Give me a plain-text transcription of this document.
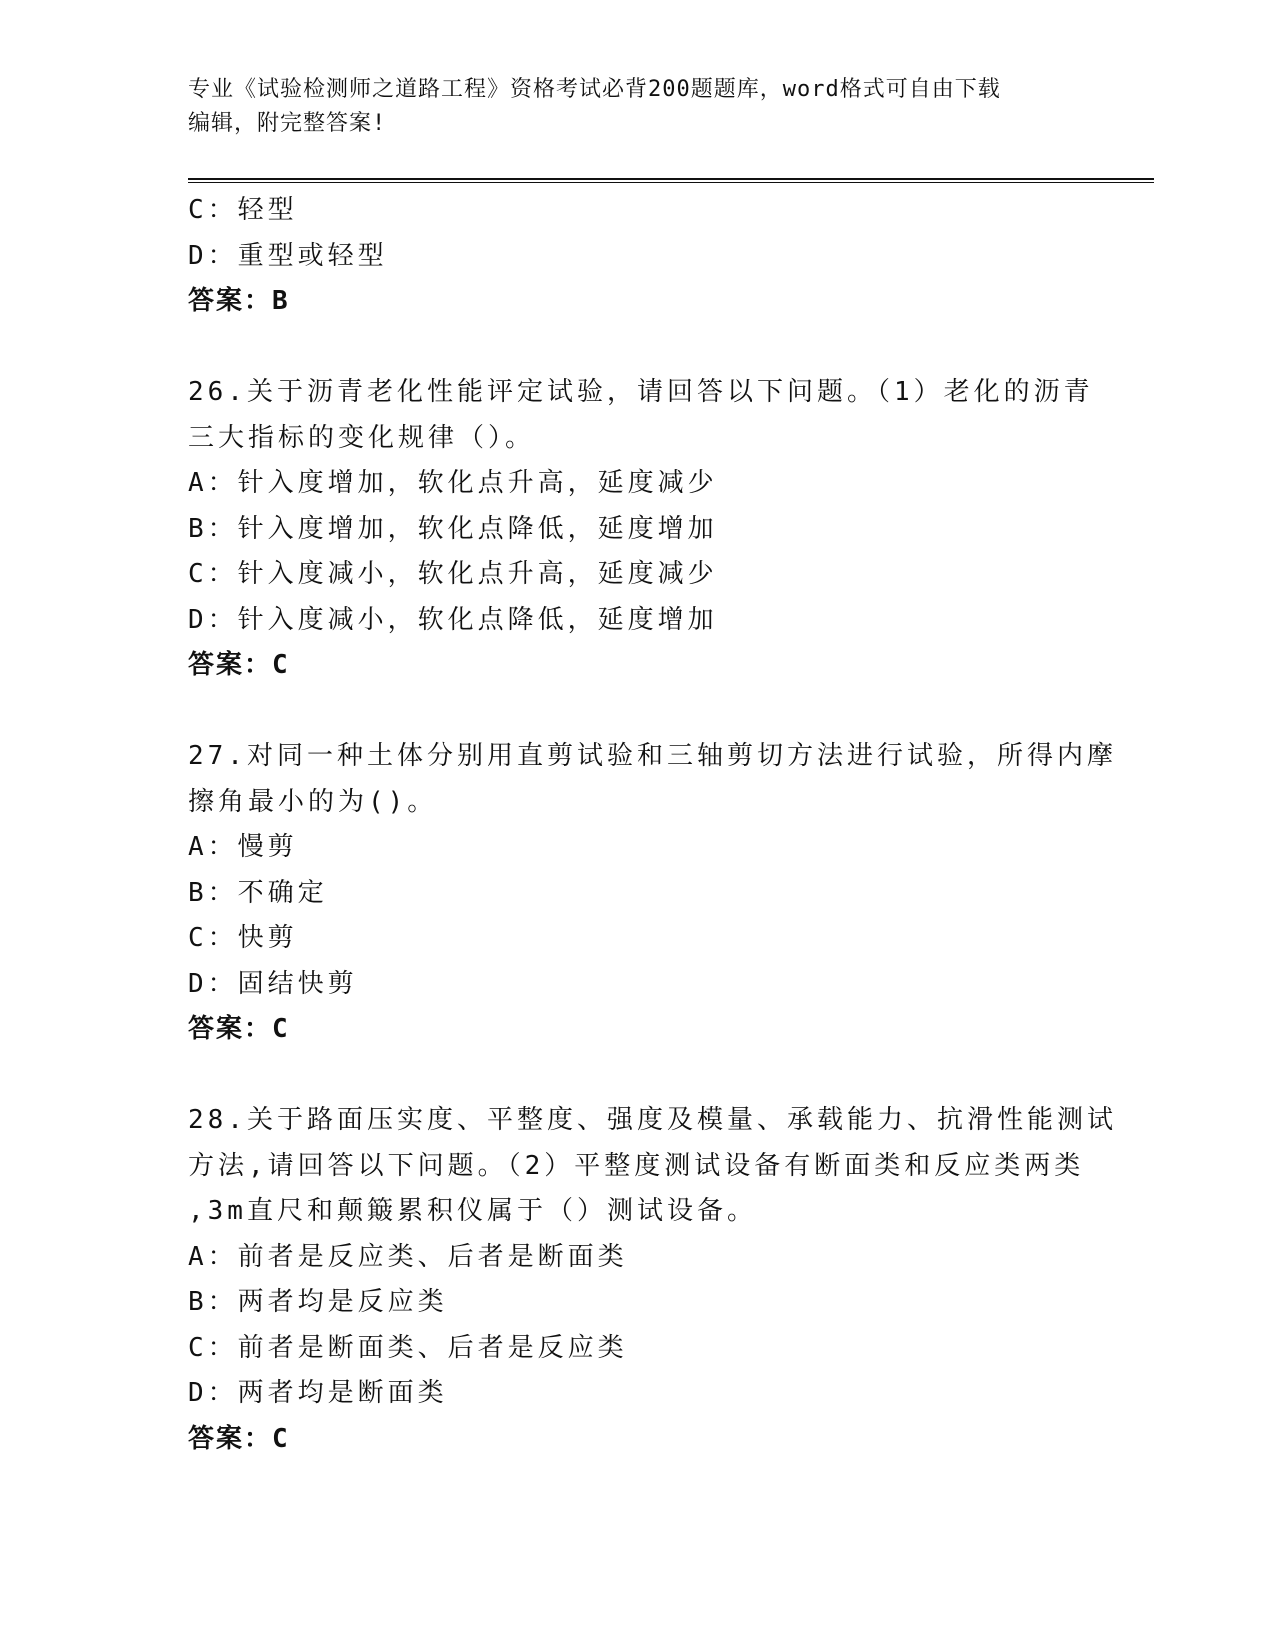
专业《试验检测师之道路工程》资格考试必背200题题库，word格式可自由下载
编辑，附完整答案!
C：轻型
D：重型或轻型
答案：B
26.关于沥青老化性能评定试验，请回答以下问题。（1）老化的沥青
三大指标的变化规律（）。
A：针入度增加，软化点升高，延度减少
B：针入度增加，软化点降低，延度增加
C：针入度减小，软化点升高，延度减少
D：针入度减小，软化点降低，延度增加
答案：C
27.对同一种土体分别用直剪试验和三轴剪切方法进行试验，所得内摩
擦角最小的为()。
A：慢剪
B：不确定
C：快剪
D：固结快剪
答案：C
28.关于路面压实度、平整度、强度及模量、承载能力、抗滑性能测试
方法,请回答以下问题。（2）平整度测试设备有断面类和反应类两类
,3m直尺和颠簸累积仪属于（）测试设备。
A：前者是反应类、后者是断面类
B：两者均是反应类
C：前者是断面类、后者是反应类
D：两者均是断面类
答案：C
